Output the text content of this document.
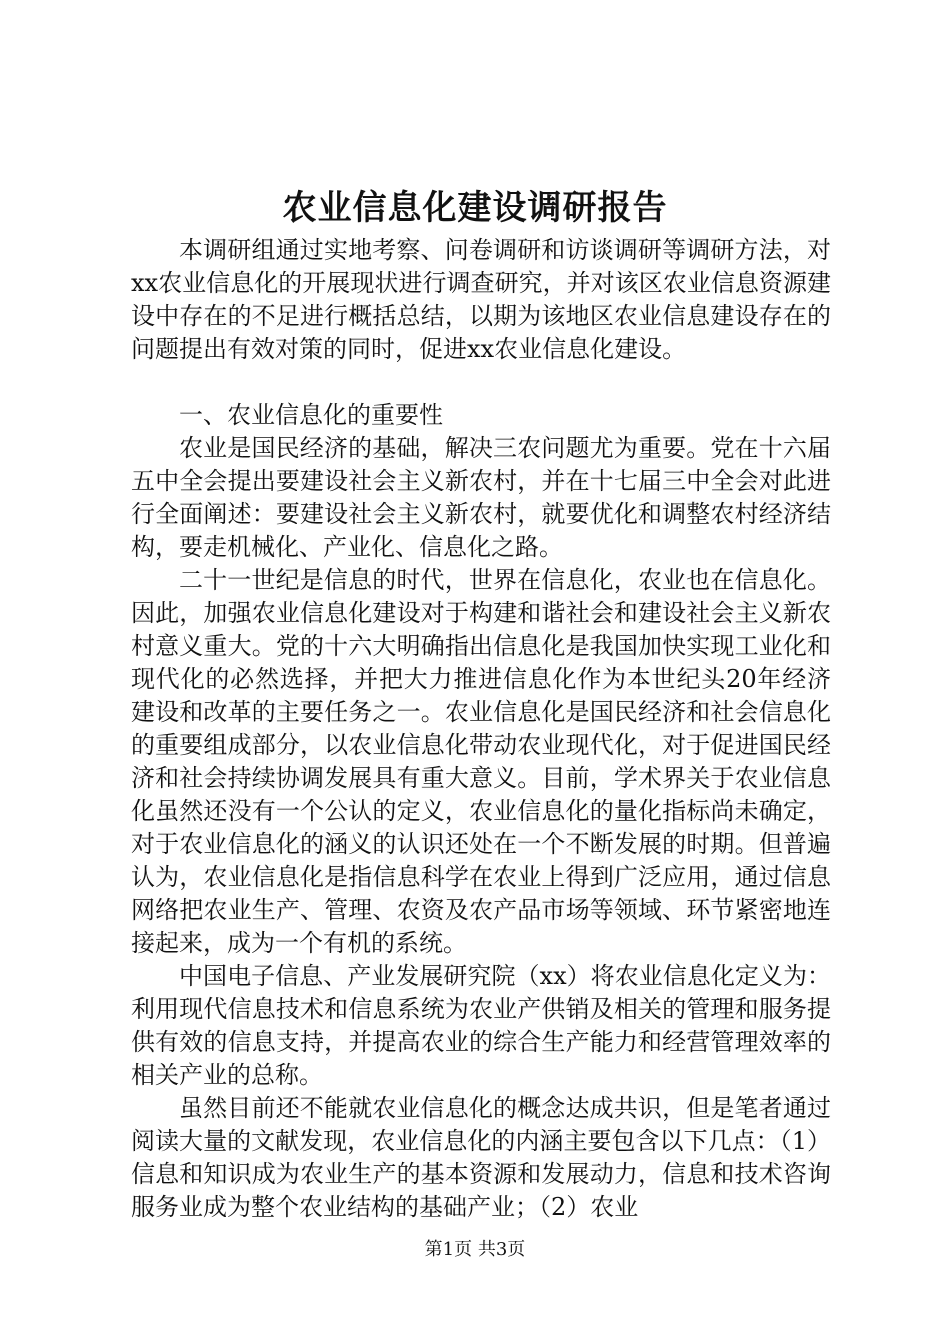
农业信息化建设调研报告

本调研组通过实地考察、问卷调研和访谈调研等调研方法，对xx农业信息化的开展现状进行调查研究，并对该区农业信息资源建设中存在的不足进行概括总结，以期为该地区农业信息建设存在的问题提出有效对策的同时，促进xx农业信息化建设。

一、农业信息化的重要性

农业是国民经济的基础，解决三农问题尤为重要。党在十六届五中全会提出要建设社会主义新农村，并在十七届三中全会对此进行全面阐述：要建设社会主义新农村，就要优化和调整农村经济结构，要走机械化、产业化、信息化之路。

二十一世纪是信息的时代，世界在信息化，农业也在信息化。因此，加强农业信息化建设对于构建和谐社会和建设社会主义新农村意义重大。党的十六大明确指出信息化是我国加快实现工业化和现代化的必然选择，并把大力推进信息化作为本世纪头20年经济建设和改革的主要任务之一。农业信息化是国民经济和社会信息化的重要组成部分，以农业信息化带动农业现代化，对于促进国民经济和社会持续协调发展具有重大意义。目前，学术界关于农业信息化虽然还没有一个公认的定义，农业信息化的量化指标尚未确定，对于农业信息化的涵义的认识还处在一个不断发展的时期。但普遍认为，农业信息化是指信息科学在农业上得到广泛应用，通过信息网络把农业生产、管理、农资及农产品市场等领域、环节紧密地连接起来，成为一个有机的系统。

中国电子信息、产业发展研究院（xx）将农业信息化定义为：利用现代信息技术和信息系统为农业产供销及相关的管理和服务提供有效的信息支持，并提高农业的综合生产能力和经营管理效率的相关产业的总称。

虽然目前还不能就农业信息化的概念达成共识，但是笔者通过阅读大量的文献发现，农业信息化的内涵主要包含以下几点：（1）信息和知识成为农业生产的基本资源和发展动力，信息和技术咨询服务业成为整个农业结构的基础产业；（2）农业

第1页 共3页
